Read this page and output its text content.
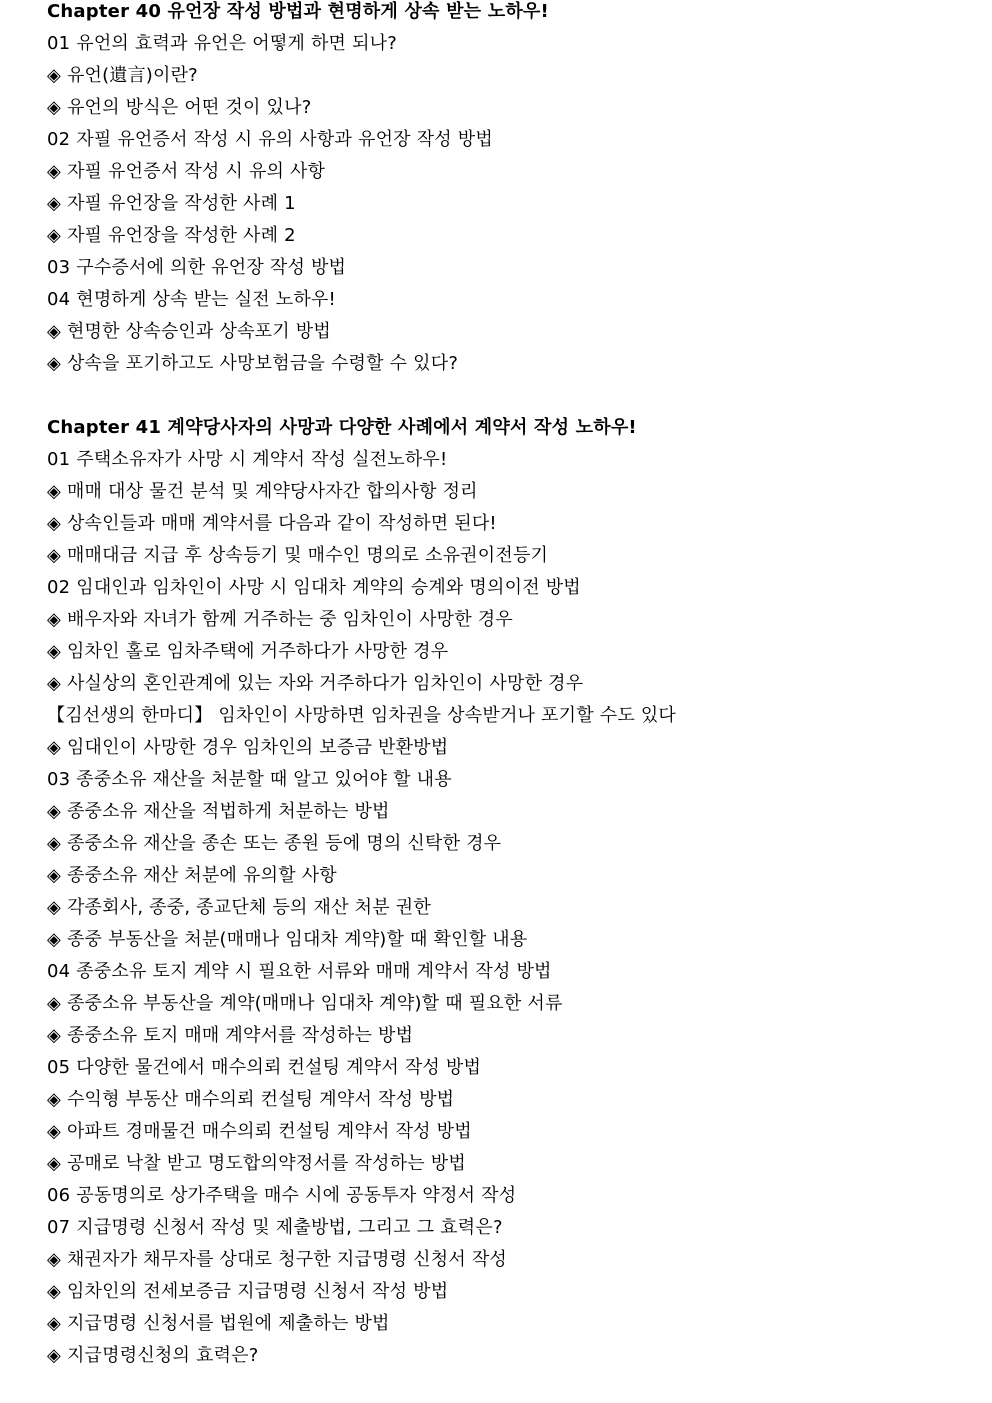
Chapter 40 유언장 작성 방법과 현명하게 상속 받는 노하우!
01 유언의 효력과 유언은 어떻게 하면 되나?
◈ 유언(遺言)이란?
◈ 유언의 방식은 어떤 것이 있나?
02 자필 유언증서 작성 시 유의 사항과 유언장 작성 방법
◈ 자필 유언증서 작성 시 유의 사항
◈ 자필 유언장을 작성한 사례 1
◈ 자필 유언장을 작성한 사례 2
03 구수증서에 의한 유언장 작성 방법
04 현명하게 상속 받는 실전 노하우!
◈ 현명한 상속승인과 상속포기 방법
◈ 상속을 포기하고도 사망보험금을 수령할 수 있다?
Chapter 41 계약당사자의 사망과 다양한 사례에서 계약서 작성 노하우!
01 주택소유자가 사망 시 계약서 작성 실전노하우!
◈ 매매 대상 물건 분석 및 계약당사자간 합의사항 정리
◈ 상속인들과 매매 계약서를 다음과 같이 작성하면 된다!
◈ 매매대금 지급 후 상속등기 및 매수인 명의로 소유권이전등기
02 임대인과 임차인이 사망 시 임대차 계약의 승계와 명의이전 방법
◈ 배우자와 자녀가 함께 거주하는 중 임차인이 사망한 경우
◈ 임차인 홀로 임차주택에 거주하다가 사망한 경우
◈ 사실상의 혼인관계에 있는 자와 거주하다가 임차인이 사망한 경우
【김선생의 한마디】 임차인이 사망하면 임차권을 상속받거나 포기할 수도 있다
◈ 임대인이 사망한 경우 임차인의 보증금 반환방법
03 종중소유 재산을 처분할 때 알고 있어야 할 내용
◈ 종중소유 재산을 적법하게 처분하는 방법
◈ 종중소유 재산을 종손 또는 종원 등에 명의 신탁한 경우
◈ 종중소유 재산 처분에 유의할 사항
◈ 각종회사, 종중, 종교단체 등의 재산 처분 권한
◈ 종중 부동산을 처분(매매나 임대차 계약)할 때 확인할 내용
04 종중소유 토지 계약 시 필요한 서류와 매매 계약서 작성 방법
◈ 종중소유 부동산을 계약(매매나 임대차 계약)할 때 필요한 서류
◈ 종중소유 토지 매매 계약서를 작성하는 방법
05 다양한 물건에서 매수의뢰 컨설팅 계약서 작성 방법
◈ 수익형 부동산 매수의뢰 컨설팅 계약서 작성 방법
◈ 아파트 경매물건 매수의뢰 컨설팅 계약서 작성 방법
◈ 공매로 낙찰 받고 명도합의약정서를 작성하는 방법
06 공동명의로 상가주택을 매수 시에 공동투자 약정서 작성
07 지급명령 신청서 작성 및 제출방법, 그리고 그 효력은?
◈ 채권자가 채무자를 상대로 청구한 지급명령 신청서 작성
◈ 임차인의 전세보증금 지급명령 신청서 작성 방법
◈ 지급명령 신청서를 법원에 제출하는 방법
◈ 지급명령신청의 효력은?
